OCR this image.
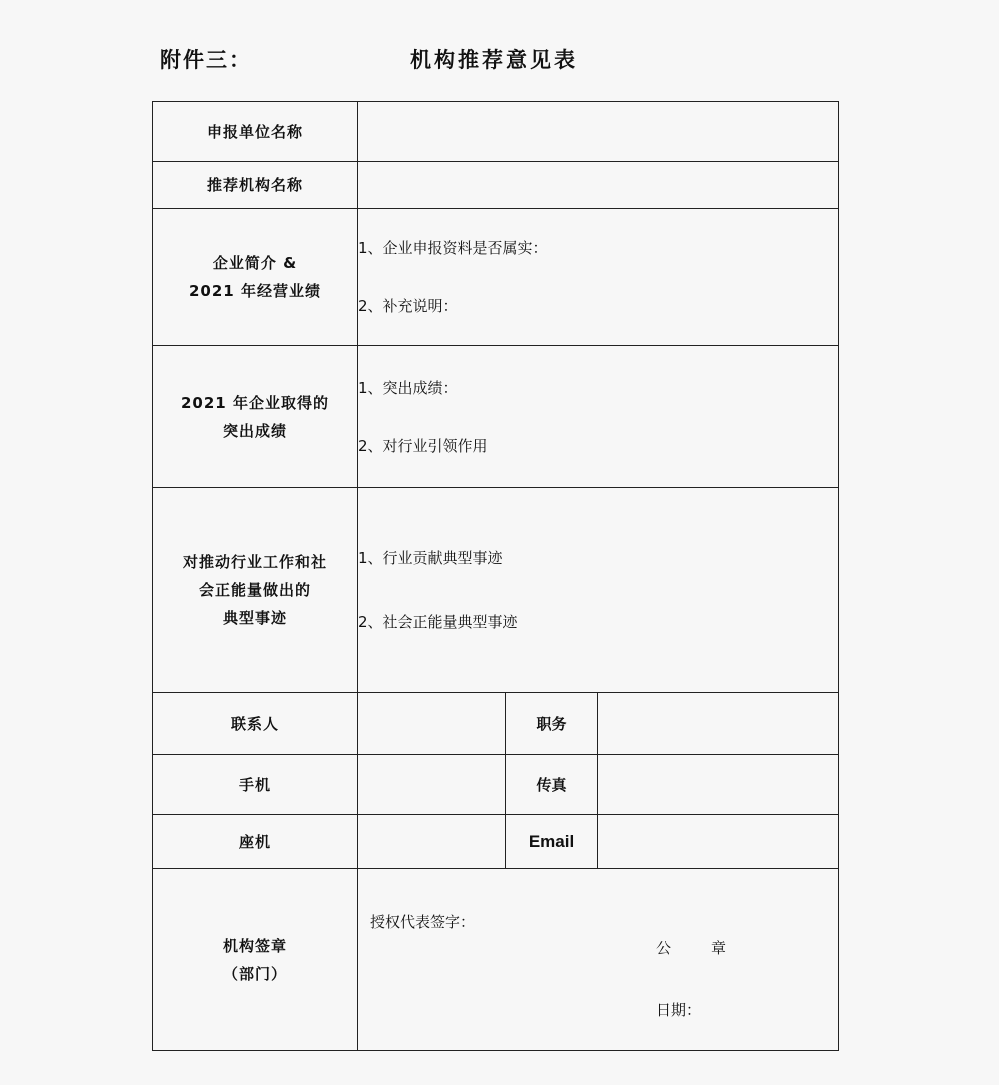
附件三：	机构推荐意见表
申报单位名称			
推荐机构名称			

企业简介 &
2021 年经营业绩	1、企业申报资料是否属实：
2、补充说明：		

2021 年企业取得的
突出成绩	1、突出成绩：
2、对行业引领作用		

对推动行业工作和社
会正能量做出的
典型事迹	1、行业贡献典型事迹
2、社会正能量典型事迹		

联系人		职务	
手机		传真	
座机		Email	

机构签章
（部门）	授权代表签字：
公章
日期：		
